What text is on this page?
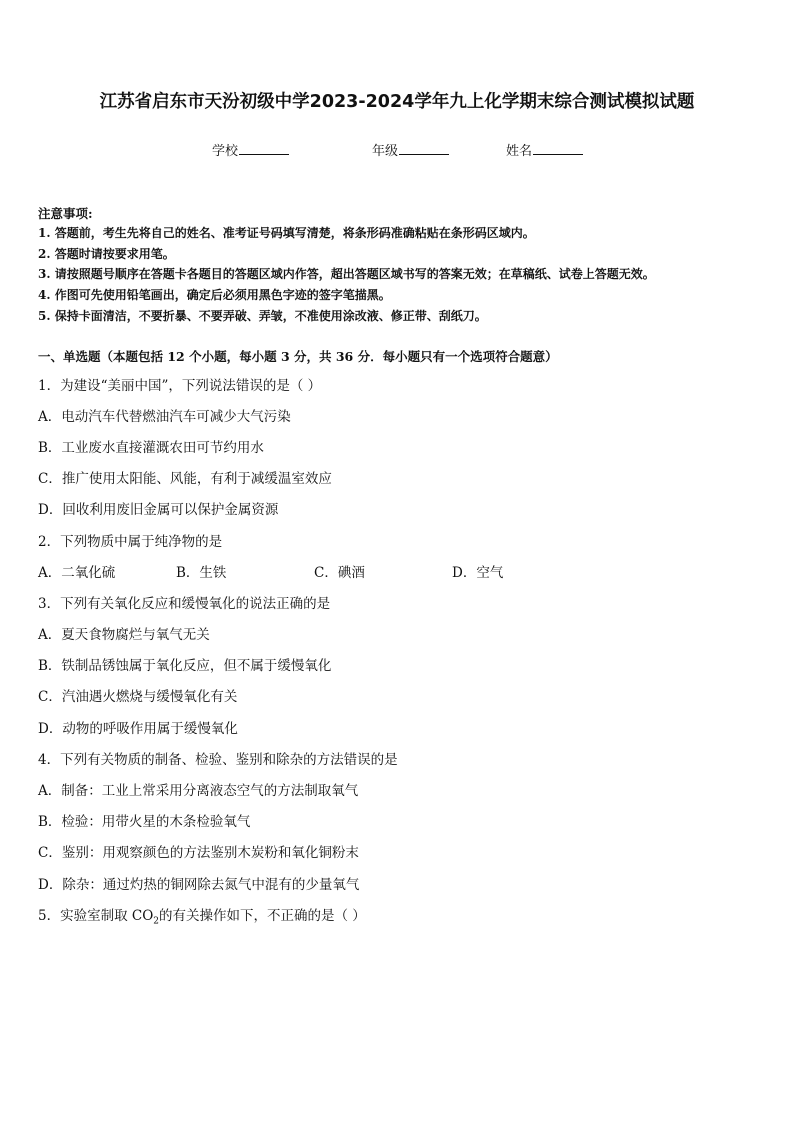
江苏省启东市天汾初级中学2023-2024学年九上化学期末综合测试模拟试题
学校	年级	姓名
注意事项:
1. 答题前，考生先将自己的姓名、准考证号码填写清楚，将条形码准确粘贴在条形码区域内。
2. 答题时请按要求用笔。
3. 请按照题号顺序在答题卡各题目的答题区域内作答，超出答题区域书写的答案无效；在草稿纸、试卷上答题无效。
4. 作图可先使用铅笔画出，确定后必须用黑色字迹的签字笔描黑。
5. 保持卡面清洁，不要折暴、不要弄破、弄皱，不准使用涂改液、修正带、刮纸刀。
一、单选题（本题包括 12 个小题，每小题 3 分，共 36 分．每小题只有一个选项符合题意）
1．为建设“美丽中国”，下列说法错误的是（ ）
A．电动汽车代替燃油汽车可减少大气污染
B．工业废水直接灌溉农田可节约用水
C．推广使用太阳能、风能，有利于减缓温室效应
D．回收利用废旧金属可以保护金属资源
2．下列物质中属于纯净物的是
A．二氧化硫	B．生铁	C．碘酒	D．空气
3．下列有关氧化反应和缓慢氧化的说法正确的是
A．夏天食物腐烂与氧气无关
B．铁制品锈蚀属于氧化反应，但不属于缓慢氧化
C．汽油遇火燃烧与缓慢氧化有关
D．动物的呼吸作用属于缓慢氧化
4．下列有关物质的制备、检验、鉴别和除杂的方法错误的是
A．制备：工业上常采用分离液态空气的方法制取氧气
B．检验：用带火星的木条检验氧气
C．鉴别：用观察颜色的方法鉴别木炭粉和氧化铜粉末
D．除杂：通过灼热的铜网除去氮气中混有的少量氧气
5．实验室制取 $CO_2$的有关操作如下，不正确的是（ ）
